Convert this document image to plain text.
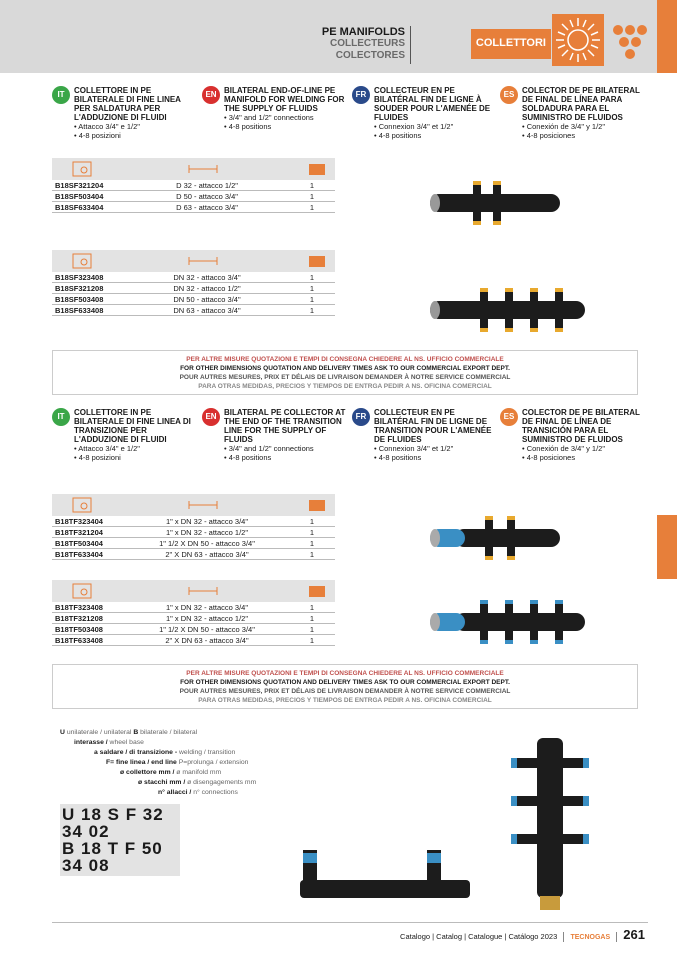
PE MANIFOLDS
COLLECTEURS
COLECTORES
COLLETTORI
IT	COLLETTORE IN PE BILATERALE DI FINE LINEA PER SALDATURA PER L'ADDUZIONE DI FLUIDI
• Attacco 3/4" e 1/2"
• 4-8 posizioni
EN BILATERAL END-OF-LINE PE MANIFOLD FOR WELDING FOR THE SUPPLY OF FLUIDS
• 3/4" and 1/2" connections
• 4-8 positions
FR COLLECTEUR EN PE BILATÉRAL FIN DE LIGNE À SOUDER POUR L'AMENÉE DE FLUIDES
• Connexion 3/4" et 1/2"
• 4-8 positions
ES COLECTOR DE PE BILATERAL DE FINAL DE LÍNEA PARA SOLDADURA PARA EL SUMINISTRO DE FLUIDOS
• Conexión de 3/4" y 1/2"
• 4-8 posiciones
B18SF321204	D 32 - attacco 1/2"	1
B18SF503404	D 50 - attacco 3/4"	1
B18SF633404	D 63 - attacco 3/4"	1
B18SF323408	DN 32 - attacco 3/4"	1
B18SF321208	DN 32 - attacco 1/2"	1
B18SF503408	DN 50 - attacco 3/4"	1
B18SF633408	DN 63 - attacco 3/4"	1
PER ALTRE MISURE QUOTAZIONI E TEMPI DI CONSEGNA CHIEDERE AL NS. UFFICIO COMMERCIALE
FOR OTHER DIMENSIONS QUOTATION AND DELIVERY TIMES ASK TO OUR COMMERCIAL EXPORT DEPT.
POUR AUTRES MESURES, PRIX ET DÉLAIS DE LIVRAISON DEMANDER À NOTRE SERVICE COMMERCIAL
PARA OTRAS MEDIDAS, PRECIOS Y TIEMPOS DE ENTRGA PEDIR A NS. OFICINA COMERCIAL
IT	COLLETTORE IN PE BILATERALE DI FINE LINEA DI TRANSIZIONE PER L'ADDUZIONE DI FLUIDI
• Attacco 3/4" e 1/2"
• 4-8 posizioni
EN BILATERAL PE COLLECTOR AT THE END OF THE TRANSITION LINE FOR THE SUPPLY OF FLUIDS
• 3/4" and 1/2" connections
• 4-8 positions
FR COLLECTEUR EN PE BILATÉRAL FIN DE LIGNE DE TRANSITION POUR L'AMENÉE DE FLUIDES
• Connexion 3/4" et 1/2"
• 4-8 positions
ES COLECTOR DE PE BILATERAL DE FINAL DE LÍNEA DE TRANSICIÓN PARA EL SUMINISTRO DE FLUIDOS
• Conexión de 3/4" y 1/2"
• 4-8 posiciones
B18TF323404	1" x DN 32 - attacco 3/4"	1
B18TF321204	1" x DN 32 - attacco 1/2"	1
B18TF503404	1" 1/2 X DN 50 - attacco 3/4"	1
B18TF633404	2" X DN 63 - attacco 3/4"	1
B18TF323408	1" x DN 32 - attacco 3/4"	1
B18TF321208	1" x DN 32 - attacco 1/2"	1
B18TF503408	1" 1/2 X DN 50 - attacco 3/4"	1
B18TF633408	2" X DN 63 - attacco 3/4"	1
PER ALTRE MISURE QUOTAZIONI E TEMPI DI CONSEGNA CHIEDERE AL NS. UFFICIO COMMERCIALE
FOR OTHER DIMENSIONS QUOTATION AND DELIVERY TIMES ASK TO OUR COMMERCIAL EXPORT DEPT.
POUR AUTRES MESURES, PRIX ET DÉLAIS DE LIVRAISON DEMANDER À NOTRE SERVICE COMMERCIAL
PARA OTRAS MEDIDAS, PRECIOS Y TIEMPOS DE ENTRGA PEDIR A NS. OFICINA COMERCIAL
U unilaterale / unilateral B bilaterale / bilateral
interasse / wheel base
a saldare / di transizione - welding / transition
F= fine linea / end line P=prolunga / extension
ø collettore mm / ø manifold mm
ø stacchi mm / ø disengagements mm
n° allacci / n° connections
U 18 S F 32 34 02
B 18 T F 50 34 08
Catalogo | Catalog | Catalogue | Catálogo 2023 TECNOGAS 261
